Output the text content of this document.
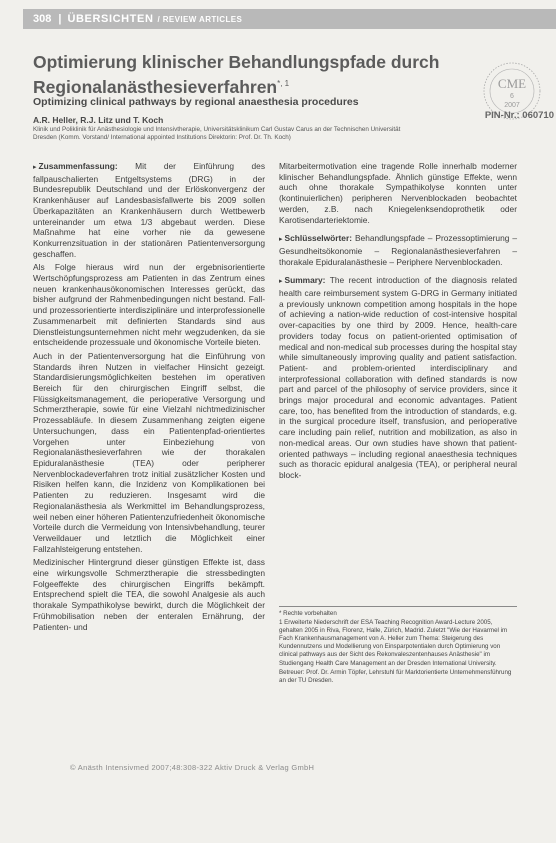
308 | ÜBERSICHTEN / REVIEW ARTICLES
Optimierung klinischer Behandlungspfade durch
Regionalanästhesieverfahren$^{*, 1}$	CME
6
2007
Optimizing clinical pathways by regional anaesthesia procedures
A.R. Heller, R.J. Litz und T. Koch	PIN-Nr.: 060710
Klinik und Poliklinik für Anästhesiologie und Intensivtherapie, Universitätsklinikum Carl Gustav Carus an der Technischen Universität
Dresden (Komm. Vorstand/ International appointed Institutions Direktorin: Prof. Dr. Th. Koch)

▸ Zusammenfassung: Mit der Einführung des fallpauschalierten Entgeltsystems (DRG) in der Bundesrepublik Deutschland und der Erlöskonvergenz der Krankenhäuser auf Landesbasisfallwerte bis 2009 sollen Überkapazitäten an Krankenhäusern durch Wettbewerb untereinander um etwa 1/3 abgebaut werden. Diese Maßnahme hat eine vorher nie da gewesene Konkurrenzsituation in der stationären Patientenversorgung geschaffen.

Als Folge hieraus wird nun der ergebnisorientierte Wertschöpfungsprozess am Patienten in das Zentrum eines neuen krankenhausökonomischen Interesses gerückt, das bisher aufgrund der Rahmenbedingungen nicht bestand. Fall- und prozessorientierte interdisziplinäre und interprofessionelle Zusammenarbeit mit definierten Standards sind aus Dienstleistungsunternehmen nicht mehr wegzudenken, da sie entscheidende prozessuale und ökonomische Vorteile bieten.

Auch in der Patientenversorgung hat die Einführung von Standards ihren Nutzen in vielfacher Hinsicht gezeigt. Standardisierungsmöglichkeiten bestehen im operativen Bereich für den chirurgischen Eingriff selbst, die Flüssigkeitsmanagement, die perioperative Versorgung und Schmerztherapie, sowie für eine Vielzahl nichtmedizinischer Prozessabläufe. In diesem Zusammenhang zeigten eigene Untersuchungen, dass ein Patientenpfad-orientiertes Vorgehen unter Einbeziehung von Regionalanästhesieverfahren wie der thorakalen Epiduralanästhesie (TEA) oder peripherer Nervenblockadeverfahren trotz initial zusätzlicher Kosten und Risiken helfen kann, die Inzidenz von Komplikationen bei Patienten zu reduzieren. Insgesamt wird die Regionalanästhesia als Werkmittel im Behandlungsprozess, weil neben einer höheren Patientenzufriedenheit ökonomische Vorteile durch die Vermeidung von Intensivbehandlung, teurer Verweildauer und letztlich die Möglichkeit einer Fallzahlsteigerung entstehen.

Medizinischer Hintergrund dieser günstigen Effekte ist, dass eine wirkungsvolle Schmerztherapie die stressbedingten Folgeeffekte des chirurgischen Eingriffs bekämpft. Entsprechend spielt die TEA, die sowohl Analgesie als auch thorakale Sympathikolyse bewirkt, durch die Möglichkeit der Frühmobilisation neben der enteralen Ernährung, der Patienten- und

Mitarbeitermotivation eine tragende Rolle innerhalb moderner klinischer Behandlungspfade. Ähnlich günstige Effekte, wenn auch ohne thorakale Sympathikolyse konnten unter (kontinuierlichen) peripheren Nervenblockaden beobachtet werden, z.B. nach Kniegelenksendoprothetik oder Karotisendarteriektomie.

▸ Schlüsselwörter: Behandlungspfade – Prozessoptimierung – Gesundheitsökonomie – Regionalanästhesieverfahren – thorakale Epiduralanästhesie – Periphere Nervenblockaden.

▸ Summary: The recent introduction of the diagnosis related health care reimbursement system G-DRG in Germany initiated a previously unknown competition among hospitals in the hope of achieving a nation-wide reduction of cost-intensive hospital over-capacities by one third by 2009. Hence, health-care providers today focus on patient-oriented optimisation of medical and non-medical sub processes during the hospital stay while simultaneously improving quality and patient satisfaction. Patient- and problem-oriented interdisciplinary and interprofessional collaboration with defined standards is now part and parcel of the philosophy of service providers, since it brings major procedural and economic advantages. Patient care, too, has benefited from the introduction of standards, e.g. in the surgical procedure itself, transfusion, and perioperative care including pain relief, nutrition and mobilization, as also in non-medical areas. Our own studies have shown that patient-oriented pathways – including regional anaesthesia techniques such as thoracic epidural analgesia (TEA), or peripheral neural block-

* Rechte vorbehalten

1 Erweiterte Niederschrift der ESA Teaching Recognition Award-Lecture 2005, gehalten 2005 in Riva, Florenz, Halle, Zürich, Madrid. Zuletzt "Wie der Havarmel im Fach Krankenhausmanagement von A. Heller zum Thema: Steigerung des Kundennutzens und Modellierung von Einsparpotentialen durch Optimierung von clinical pathways aus der Sicht des Rekonvaleszentenhauses Anästhesie" im Studiengang Health Care Management an der Dresden International University.

Betreuer: Prof. Dr. Armin Töpfer, Lehrstuhl für Marktorientierte Unternehmensführung an der TU Dresden.

© Anästh Intensivmed 2007;48:308-322 Aktiv Druck & Verlag GmbH
